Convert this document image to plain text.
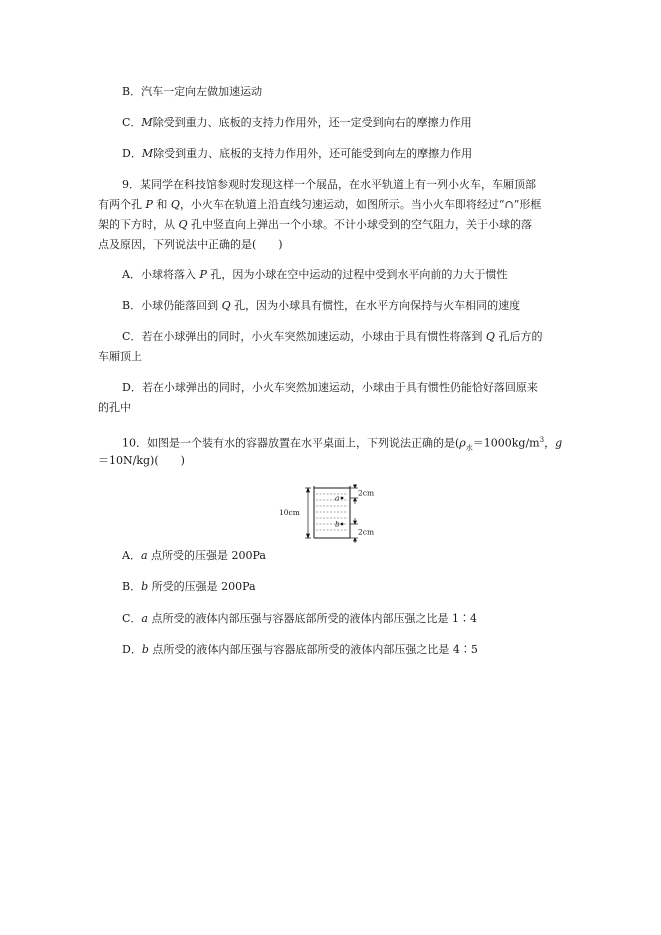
B．汽车一定向左做加速运动
C．M除受到重力、底板的支持力作用外，还一定受到向右的摩擦力作用
D．M除受到重力、底板的支持力作用外，还可能受到向左的摩擦力作用
9．某同学在科技馆参观时发现这样一个展品，在水平轨道上有一列小火车，车厢顶部
有两个孔 P 和 Q，小火车在轨道上沿直线匀速运动，如图所示。当小火车即将经过“∩”形框
架的下方时，从 Q 孔中竖直向上弹出一个小球。不计小球受到的空气阻力，关于小球的落
点及原因，下列说法中正确的是(　　)
A．小球将落入 P 孔，因为小球在空中运动的过程中受到水平向前的力大于惯性
B．小球仍能落回到 Q 孔，因为小球具有惯性，在水平方向保持与火车相同的速度
C．若在小球弹出的同时，小火车突然加速运动，小球由于具有惯性将落到 Q 孔后方的
车厢顶上
D．若在小球弹出的同时，小火车突然加速运动，小球由于具有惯性仍能恰好落回原来
的孔中
10．如图是一个装有水的容器放置在水平桌面上，下列说法正确的是($\rho_水=1000kg/m^3$，g
＝10N/kg)(　　)
10cm
a
b
2cm
2cm
A．a 点所受的压强是 200Pa
B．b 所受的压强是 200Pa
C．a 点所受的液体内部压强与容器底部所受的液体内部压强之比是 1∶4
D．b 点所受的液体内部压强与容器底部所受的液体内部压强之比是 4∶5
